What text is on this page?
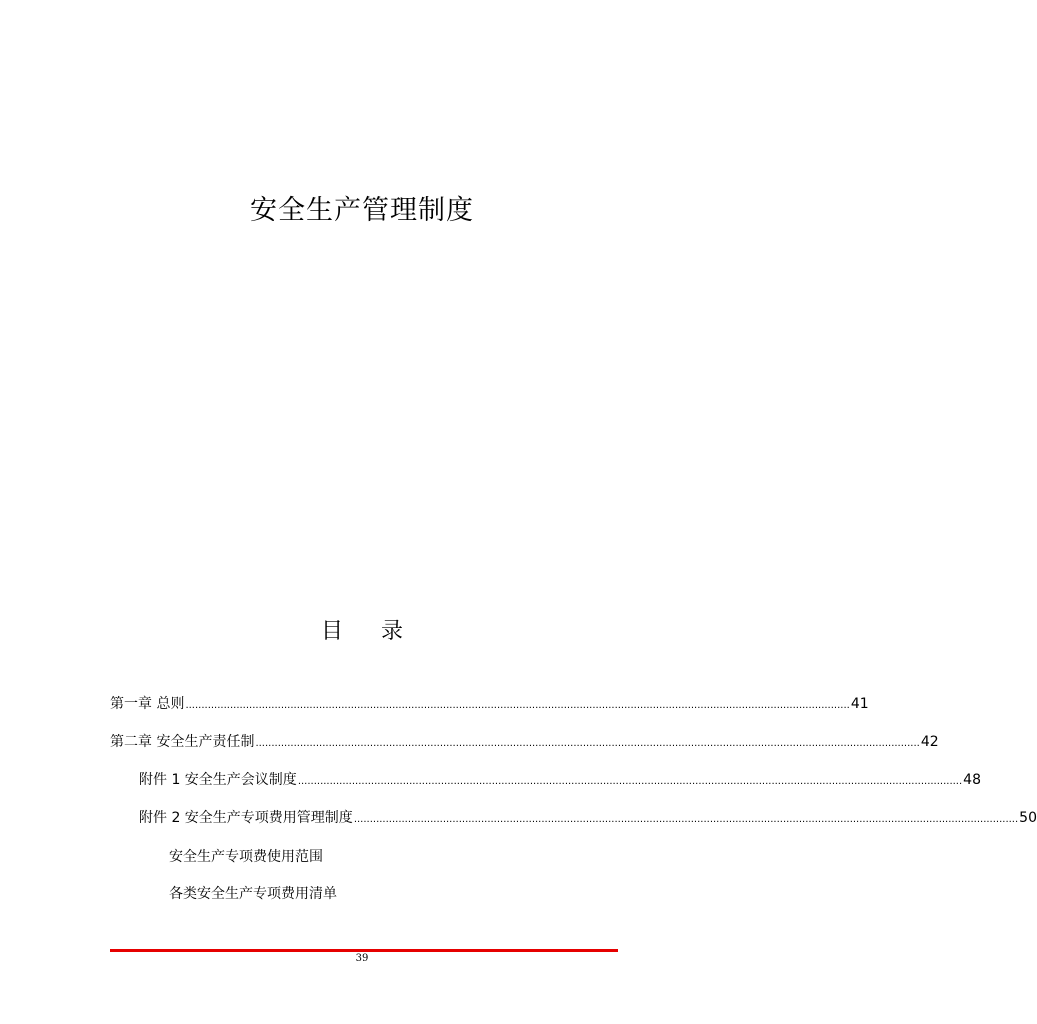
安全生产管理制度
目 录
第一章 总则 ................................................................................................................................................................................................................. 41
第二章 安全生产责任制 ................................................................................................................................................................................................................. 42
附件 1 安全生产会议制度 ................................................................................................................................................................................................................. 48
附件 2 安全生产专项费用管理制度 ................................................................................................................................................................................................................. 50
安全生产专项费使用范围
各类安全生产专项费用清单
39
